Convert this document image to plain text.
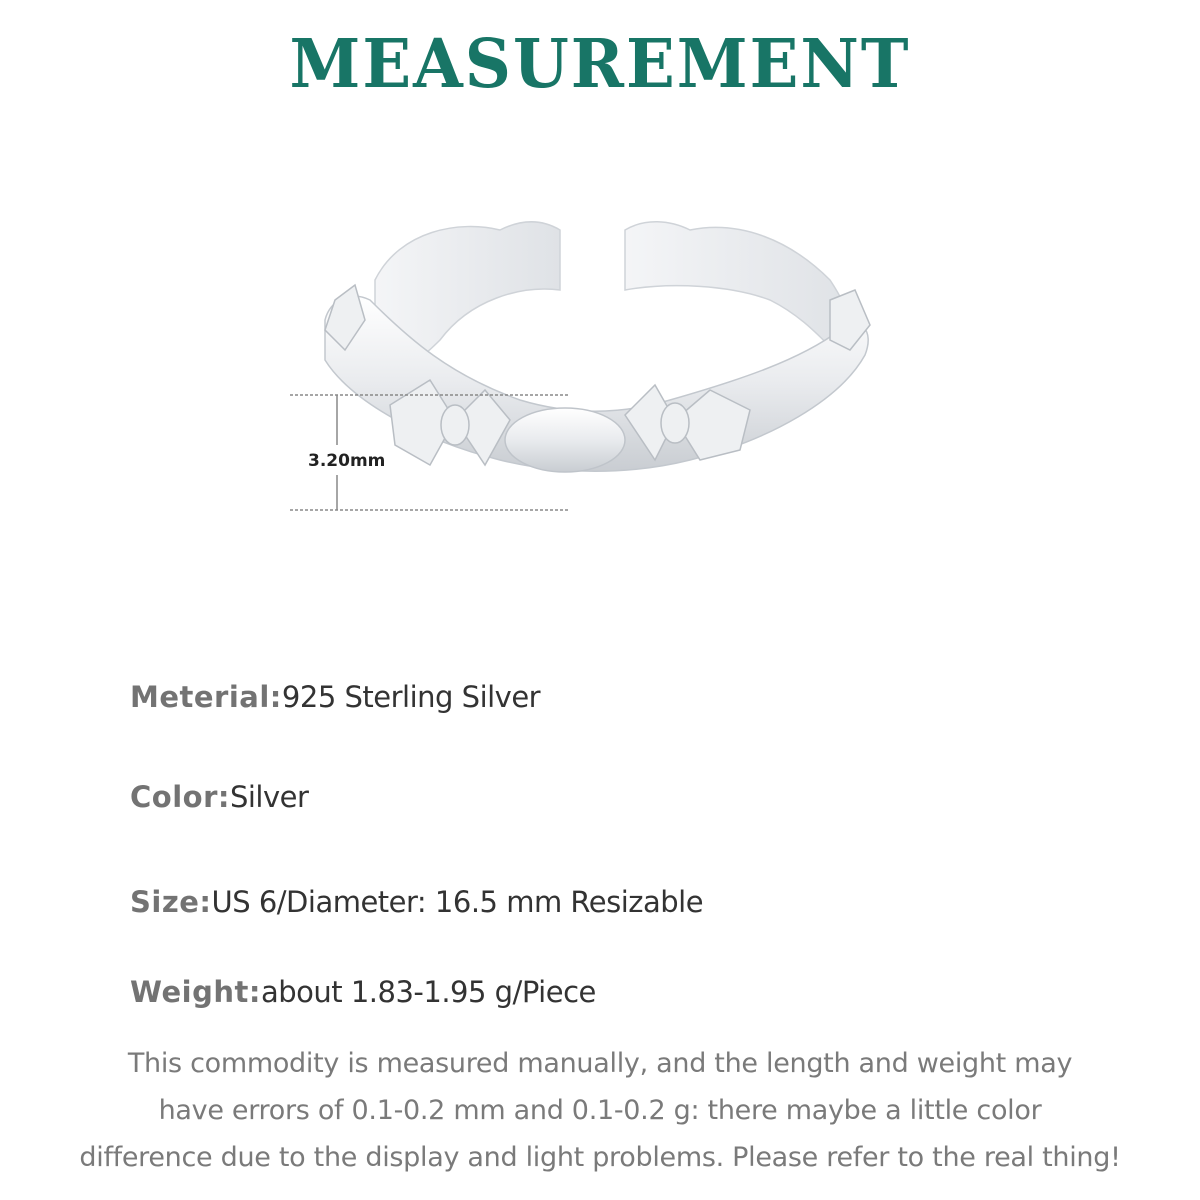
MEASUREMENT
3.20mm
Meterial:925 Sterling Silver
Color:Silver
Size:US 6/Diameter: 16.5 mm Resizable
Weight:about 1.83-1.95 g/Piece
This commodity is measured manually, and the length and weight may
have errors of 0.1-0.2 mm and 0.1-0.2 g: there maybe a little color
difference due to the display and light problems. Please refer to the real thing!
